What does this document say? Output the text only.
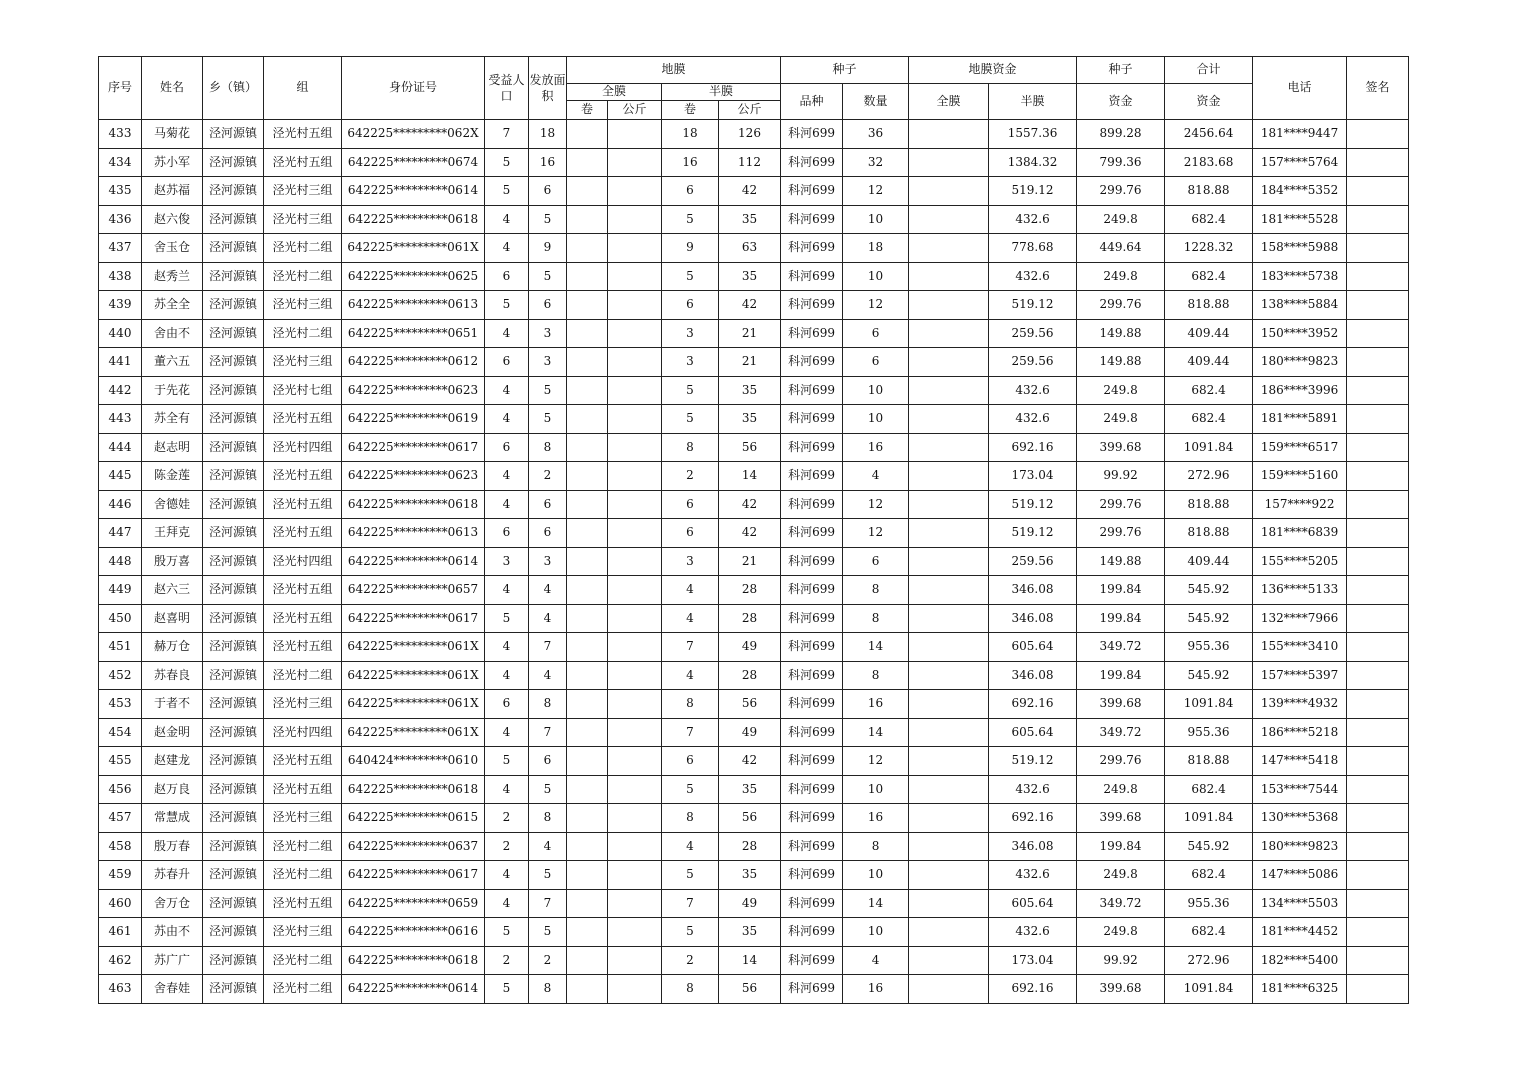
序号	姓名	乡（镇）	组	身份证号	受益人口	发放面积	地膜				种子		地膜资金		种子	合计	电话	签名
							全膜		半膜		品种	数量	全膜	半膜	资金	资金		
							卷	公斤	卷	公斤								
433	马菊花	泾河源镇	泾光村五组	642225*********062X	7	18			18	126	科河699	36		1557.36	899.28	2456.64	181****9447	
434	苏小军	泾河源镇	泾光村五组	642225*********0674	5	16			16	112	科河699	32		1384.32	799.36	2183.68	157****5764	
435	赵苏福	泾河源镇	泾光村三组	642225*********0614	5	6			6	42	科河699	12		519.12	299.76	818.88	184****5352	
436	赵六俊	泾河源镇	泾光村三组	642225*********0618	4	5			5	35	科河699	10		432.6	249.8	682.4	181****5528	
437	舍玉仓	泾河源镇	泾光村二组	642225*********061X	4	9			9	63	科河699	18		778.68	449.64	1228.32	158****5988	
438	赵秀兰	泾河源镇	泾光村二组	642225*********0625	6	5			5	35	科河699	10		432.6	249.8	682.4	183****5738	
439	苏全全	泾河源镇	泾光村三组	642225*********0613	5	6			6	42	科河699	12		519.12	299.76	818.88	138****5884	
440	舍由不	泾河源镇	泾光村二组	642225*********0651	4	3			3	21	科河699	6		259.56	149.88	409.44	150****3952	
441	董六五	泾河源镇	泾光村三组	642225*********0612	6	3			3	21	科河699	6		259.56	149.88	409.44	180****9823	
442	于先花	泾河源镇	泾光村七组	642225*********0623	4	5			5	35	科河699	10		432.6	249.8	682.4	186****3996	
443	苏全有	泾河源镇	泾光村五组	642225*********0619	4	5			5	35	科河699	10		432.6	249.8	682.4	181****5891	
444	赵志明	泾河源镇	泾光村四组	642225*********0617	6	8			8	56	科河699	16		692.16	399.68	1091.84	159****6517	
445	陈金莲	泾河源镇	泾光村五组	642225*********0623	4	2			2	14	科河699	4		173.04	99.92	272.96	159****5160	
446	舍德娃	泾河源镇	泾光村五组	642225*********0618	4	6			6	42	科河699	12		519.12	299.76	818.88	157****922	
447	王拜克	泾河源镇	泾光村五组	642225*********0613	6	6			6	42	科河699	12		519.12	299.76	818.88	181****6839	
448	殷万喜	泾河源镇	泾光村四组	642225*********0614	3	3			3	21	科河699	6		259.56	149.88	409.44	155****5205	
449	赵六三	泾河源镇	泾光村五组	642225*********0657	4	4			4	28	科河699	8		346.08	199.84	545.92	136****5133	
450	赵喜明	泾河源镇	泾光村五组	642225*********0617	5	4			4	28	科河699	8		346.08	199.84	545.92	132****7966	
451	赫万仓	泾河源镇	泾光村五组	642225*********061X	4	7			7	49	科河699	14		605.64	349.72	955.36	155****3410	
452	苏春良	泾河源镇	泾光村二组	642225*********061X	4	4			4	28	科河699	8		346.08	199.84	545.92	157****5397	
453	于者不	泾河源镇	泾光村三组	642225*********061X	6	8			8	56	科河699	16		692.16	399.68	1091.84	139****4932	
454	赵金明	泾河源镇	泾光村四组	642225*********061X	4	7			7	49	科河699	14		605.64	349.72	955.36	186****5218	
455	赵建龙	泾河源镇	泾光村五组	640424*********0610	5	6			6	42	科河699	12		519.12	299.76	818.88	147****5418	
456	赵万良	泾河源镇	泾光村五组	642225*********0618	4	5			5	35	科河699	10		432.6	249.8	682.4	153****7544	
457	常慧成	泾河源镇	泾光村三组	642225*********0615	2	8			8	56	科河699	16		692.16	399.68	1091.84	130****5368	
458	殷万春	泾河源镇	泾光村二组	642225*********0637	2	4			4	28	科河699	8		346.08	199.84	545.92	180****9823	
459	苏春升	泾河源镇	泾光村二组	642225*********0617	4	5			5	35	科河699	10		432.6	249.8	682.4	147****5086	
460	舍万仓	泾河源镇	泾光村五组	642225*********0659	4	7			7	49	科河699	14		605.64	349.72	955.36	134****5503	
461	苏由不	泾河源镇	泾光村三组	642225*********0616	5	5			5	35	科河699	10		432.6	249.8	682.4	181****4452	
462	苏广广	泾河源镇	泾光村二组	642225*********0618	2	2			2	14	科河699	4		173.04	99.92	272.96	182****5400	
463	舍春娃	泾河源镇	泾光村二组	642225*********0614	5	8			8	56	科河699	16		692.16	399.68	1091.84	181****6325	
